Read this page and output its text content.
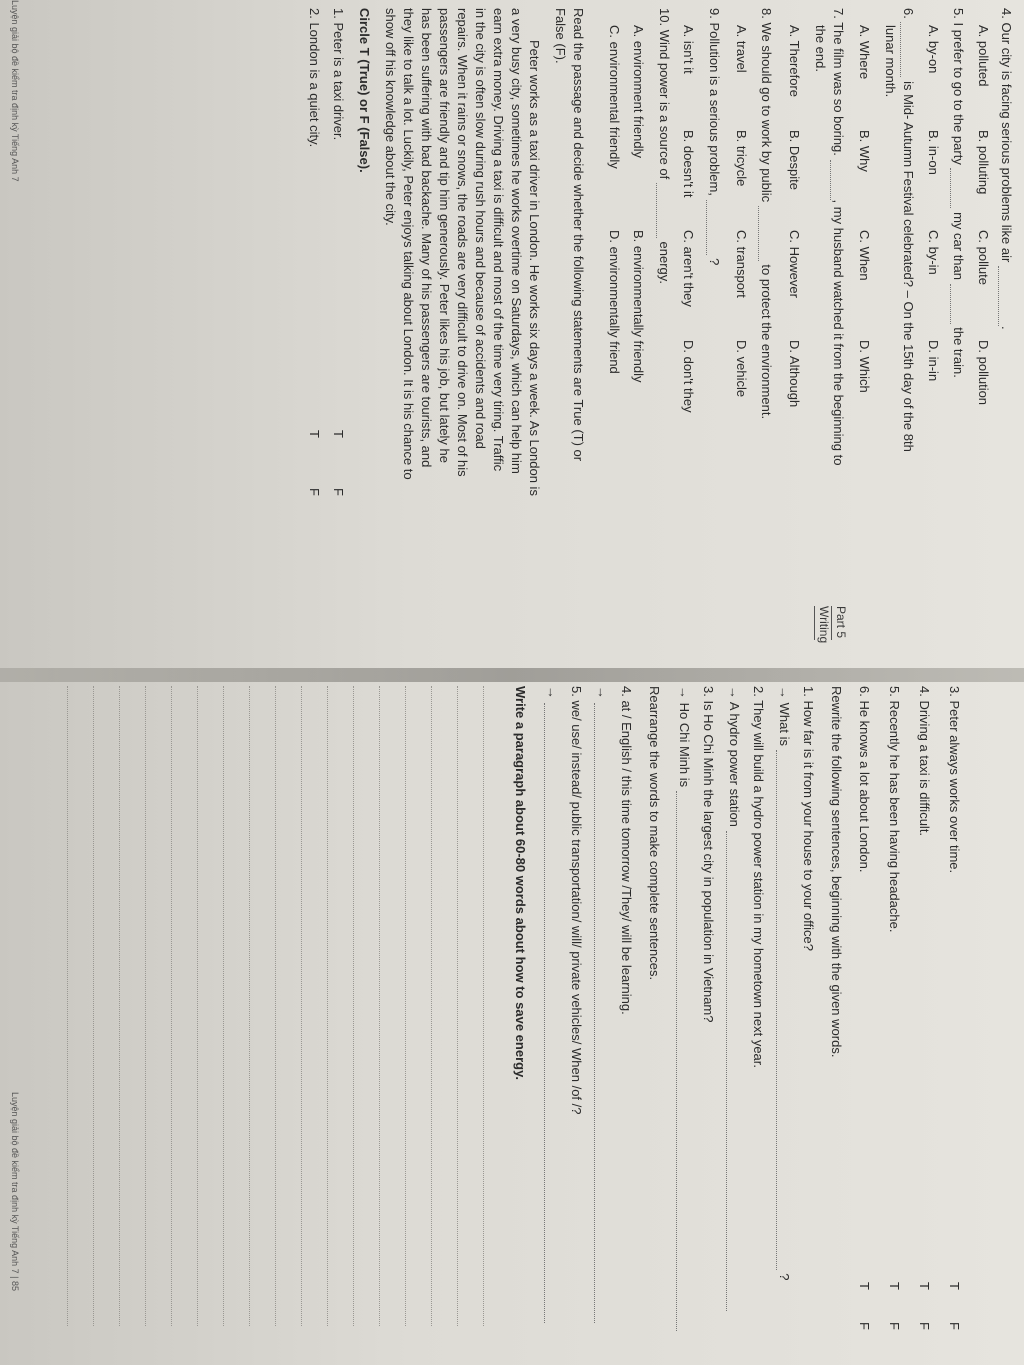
4. Our city is facing serious problems like air .
A. polluted
B. polluting
C. pollute
D. pollution
5. I prefer to go to the party  my car than  the train.
A. by-on
B. in-on
C. by-in
D. in-in
6.  is Mid- Autumn Festival celebrated? – On the 15th day of the 8th
lunar month.
A. Where
B. Why
C. When
D. Which
7. The film was so boring. , my husband watched it from the beginning to
the end.
A. Therefore
B. Despite
C. However
D. Although
8. We should go to work by public  to protect the environment.
A. travel
B. tricycle
C. transport
D. vehicle
9. Pollution is a serious problem,  ?
A. isn't it
B. doesn't it
C. aren't they
D. don't they
10. Wind power is a source of  energy.
A. environment friendly
B. environmentally friendly
C. environmental friendly
D. environmentally friend
Read the passage and decide whether the following statements are True (T) or
False (F).
Peter works as a taxi driver in London. He works six days a week. As London is
a very busy city, sometimes he works overtime on Saturdays, which can help him
earn extra money. Driving a taxi is difficult and most of the time very tiring. Traffic
in the city is often slow during rush hours and because of accidents and road
repairs. When it rains or snows, the roads are very difficult to drive on. Most of his
passengers are friendly and tip him generously. Peter likes his job, but lately he
has been suffering with bad backache. Many of his passengers are tourists, and
they like to talk a lot. Luckily, Peter enjoys talking about London. It is his chance to
show off his knowledge about the city.
Circle T (True) or F (False).
1. Peter is a taxi driver.
T
F
2. London is a quiet city.
T
F
Luyện giải bộ đề kiểm tra định kỳ Tiếng Anh 7
3. Peter always works over time.
T
F
4. Driving a taxi is difficult.
T
F
5. Recently he has been having headache.
T
F
6. He knows a lot about London.
T
F
Part 5
Writing
Rewrite the following sentences, beginning with the given words.
1. How far is it from your house to your office?
→ What is  ?
2. They will build a hydro power station in my hometown next year.
→ A hydro power station
3. Is Ho Chi Minh the largest city in population in Vietnam?
→ Ho Chi Minh is
Rearrange the words to make complete sentences.
4. at / English / this time tomorrow /They/ will be learning.
→
5. we/ use/ instead/ public transportation/ will/ private vehicles/ When /of /?
→
Write a paragraph about 60-80 words about how to save energy.
Luyện giải bộ đề kiểm tra định kỳ Tiếng Anh 7 | 85
